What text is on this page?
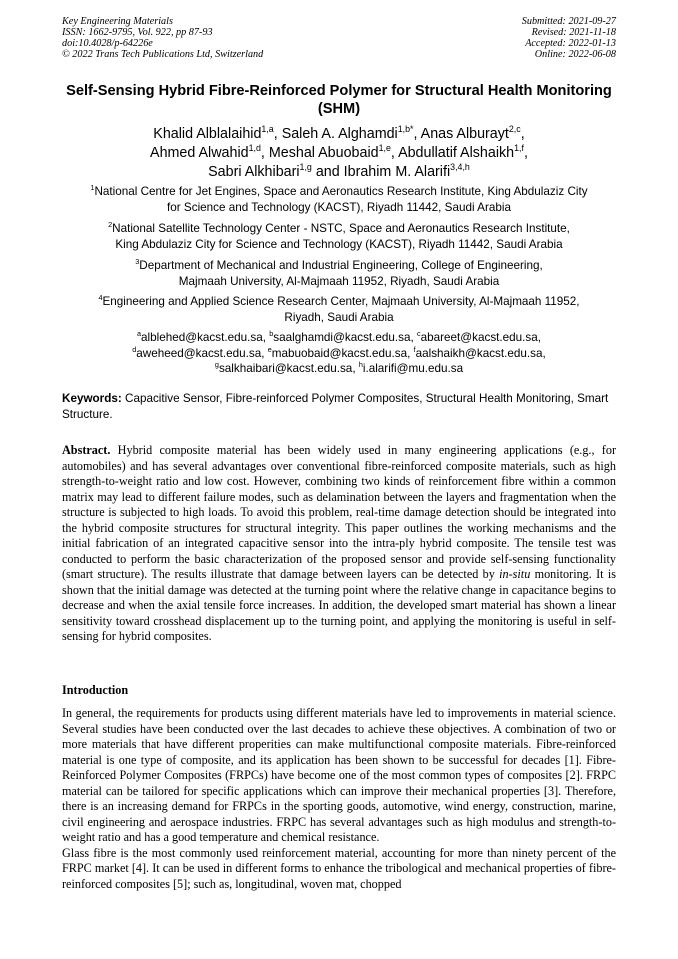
Key Engineering Materials
ISSN: 1662-9795, Vol. 922, pp 87-93
doi:10.4028/p-64226e
© 2022 Trans Tech Publications Ltd, Switzerland
Submitted: 2021-09-27
Revised: 2021-11-18
Accepted: 2022-01-13
Online: 2022-06-08
Self-Sensing Hybrid Fibre-Reinforced Polymer for Structural Health Monitoring (SHM)
Khalid Alblalaihid$^{1,a}$, Saleh A. Alghamdi$^{1,b*}$, Anas Alburayt$^{2,c}$,
Ahmed Alwahid$^{1,d}$, Meshal Abuobaid$^{1,e}$, Abdullatif Alshaikh$^{1,f}$,
Sabri Alkhibari$^{1,g}$ and Ibrahim M. Alarifi$^{3,4,h}$
$^1$National Centre for Jet Engines, Space and Aeronautics Research Institute, King Abdulaziz City
for Science and Technology (KACST), Riyadh 11442, Saudi Arabia
$^2$National Satellite Technology Center - NSTC, Space and Aeronautics Research Institute,
King Abdulaziz City for Science and Technology (KACST), Riyadh 11442, Saudi Arabia
$^3$Department of Mechanical and Industrial Engineering, College of Engineering,
Majmaah University, Al-Majmaah 11952, Riyadh, Saudi Arabia
$^4$Engineering and Applied Science Research Center, Majmaah University, Al-Majmaah 11952,
Riyadh, Saudi Arabia
$^a$alblehed@kacst.edu.sa, $^b$saalghamdi@kacst.edu.sa, $^c$abareet@kacst.edu.sa,
$^d$aweheed@kacst.edu.sa, $^e$mabuobaid@kacst.edu.sa, $^f$aalshaikh@kacst.edu.sa,
$^g$salkhaibari@kacst.edu.sa, $^h$i.alarifi@mu.edu.sa
Keywords: Capacitive Sensor, Fibre-reinforced Polymer Composites, Structural Health Monitoring, Smart Structure.
Abstract. Hybrid composite material has been widely used in many engineering applications (e.g., for automobiles) and has several advantages over conventional fibre-reinforced composite materials, such as high strength-to-weight ratio and low cost. However, combining two kinds of reinforcement fibre within a common matrix may lead to different failure modes, such as delamination between the layers and fragmentation when the structure is subjected to high loads. To avoid this problem, real-time damage detection should be integrated into the hybrid composite structures for structural integrity. This paper outlines the working mechanisms and the initial fabrication of an integrated capacitive sensor into the intra-ply hybrid composite. The tensile test was conducted to perform the basic characterization of the proposed sensor and provide self-sensing functionality (smart structure). The results illustrate that damage between layers can be detected by in-situ monitoring. It is shown that the initial damage was detected at the turning point where the relative change in capacitance begins to decrease and when the axial tensile force increases. In addition, the developed smart material has shown a linear sensitivity toward crosshead displacement up to the turning point, and applying the monitoring is useful in self-sensing for hybrid composites.
Introduction

In general, the requirements for products using different materials have led to improvements in material science. Several studies have been conducted over the last decades to achieve these objectives. A combination of two or more materials that have different properities can make multifunctional composite materials. Fibre-reinforced material is one type of composite, and its application has been shown to be successful for decades [1]. Fibre-Reinforced Polymer Composites (FRPCs) have become one of the most common types of composites [2]. FRPC material can be tailored for specific applications which can improve their mechanical properties [3]. Therefore, there is an increasing demand for FRPCs in the sporting goods, automotive, wind energy, construction, marine, civil engineering and aerospace industries. FRPC has several advantages such as high modulus and strength-to-weight ratio and has a good temperature and chemical resistance.

Glass fibre is the most commonly used reinforcement material, accounting for more than ninety percent of the FRPC market [4]. It can be used in different forms to enhance the tribological and mechanical properties of fibre-reinforced composites [5]; such as, longitudinal, woven mat, chopped
